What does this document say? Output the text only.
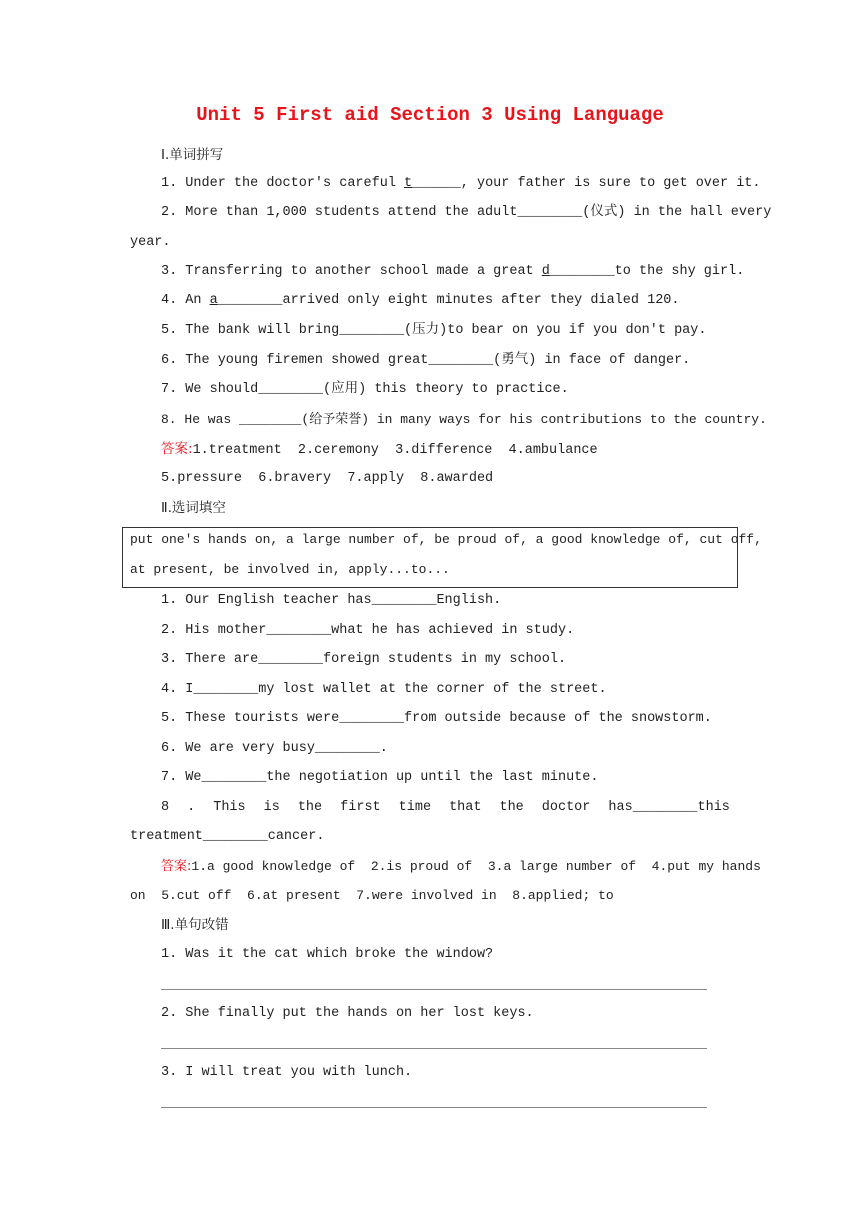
Unit 5 First aid Section 3 Using Language
Ⅰ.单词拼写
1. Under the doctor's careful t______, your father is sure to get over it.
2. More than 1,000 students attend the adult________(仪式) in the hall every
year.
3. Transferring to another school made a great d________to the shy girl.
4. An a________arrived only eight minutes after they dialed 120.
5. The bank will bring________(压力)to bear on you if you don't pay.
6. The young firemen showed great________(勇气) in face of danger.
7. We should________(应用) this theory to practice.
8. He was ________(给予荣誉) in many ways for his contributions to the country.
答案:1.treatment  2.ceremony  3.difference  4.ambulance
5.pressure  6.bravery  7.apply  8.awarded
Ⅱ.选词填空
put one's hands on, a large number of, be proud of, a good knowledge of, cut off,
at present, be involved in, apply...to...
1. Our English teacher has________English.
2. His mother________what he has achieved in study.
3. There are________foreign students in my school.
4. I________my lost wallet at the corner of the street.
5. These tourists were________from outside because of the snowstorm.
6. We are very busy________.
7. We________the negotiation up until the last minute.
8 . This is the first time that the doctor has________this
treatment________cancer.
答案:1.a good knowledge of  2.is proud of  3.a large number of  4.put my hands
on  5.cut off  6.at present  7.were involved in  8.applied; to
Ⅲ.单句改错
1. Was it the cat which broke the window?
2. She finally put the hands on her lost keys.
3. I will treat you with lunch.
